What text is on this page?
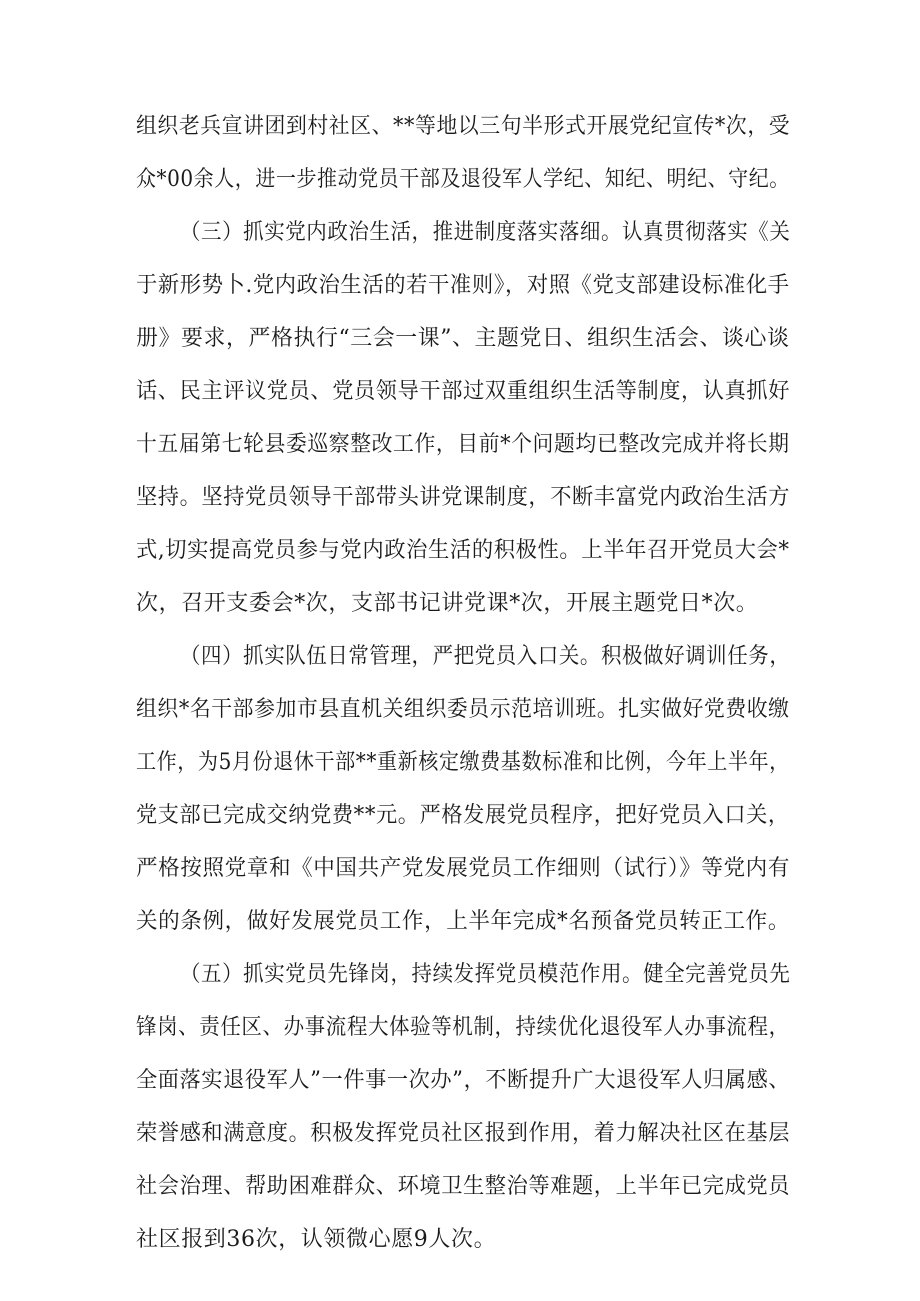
组织老兵宣讲团到村社区、**等地以三句半形式开展党纪宣传*次，受
众*00余人，进一步推动党员干部及退役军人学纪、知纪、明纪、守纪。
（三）抓实党内政治生活，推进制度落实落细。认真贯彻落实《关
于新形势卜.党内政治生活的若干准则》，对照《党支部建设标准化手
册》要求，严格执行“三会一课”、主题党日、组织生活会、谈心谈
话、民主评议党员、党员领导干部过双重组织生活等制度，认真抓好
十五届第七轮县委巡察整改工作，目前*个问题均已整改完成并将长期
坚持。坚持党员领导干部带头讲党课制度，不断丰富党内政治生活方
式,切实提高党员参与党内政治生活的积极性。上半年召开党员大会*
次，召开支委会*次，支部书记讲党课*次，开展主题党日*次。
（四）抓实队伍日常管理，严把党员入口关。积极做好调训任务，
组织*名干部参加市县直机关组织委员示范培训班。扎实做好党费收缴
工作，为5月份退休干部**重新核定缴费基数标准和比例，今年上半年，
党支部已完成交纳党费**元。严格发展党员程序，把好党员入口关，
严格按照党章和《中国共产党发展党员工作细则（试行）》等党内有
关的条例，做好发展党员工作，上半年完成*名预备党员转正工作。
（五）抓实党员先锋岗，持续发挥党员模范作用。健全完善党员先
锋岗、责任区、办事流程大体验等机制，持续优化退役军人办事流程，
全面落实退役军人”一件事一次办”，不断提升广大退役军人归属感、
荣誉感和满意度。积极发挥党员社区报到作用，着力解决社区在基层
社会治理、帮助困难群众、环境卫生整治等难题，上半年已完成党员
社区报到36次，认领微心愿9人次。
